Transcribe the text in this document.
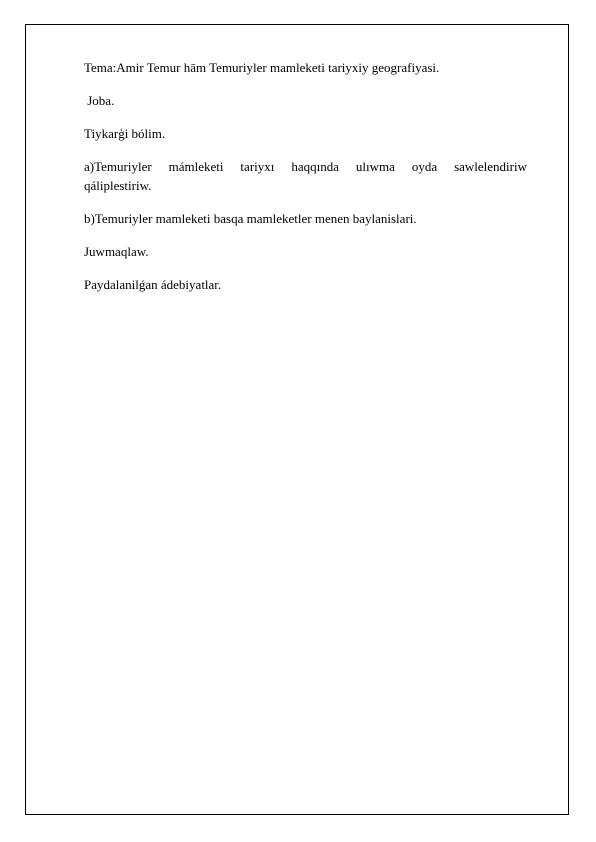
Tema:Amir Temur hām Temuriyler mamleketi tariyxiy geografiyasi.

Joba.

Tiykarģi bólim.

a)Temuriyler mámleketi tariyxı haqqında ulıwma oyda sawlelendiriw
qáliplestiriw.

b)Temuriyler mamleketi basqa mamleketler menen baylanislari.

Juwmaqlaw.

Paydalanilǵan ádebiyatlar.
